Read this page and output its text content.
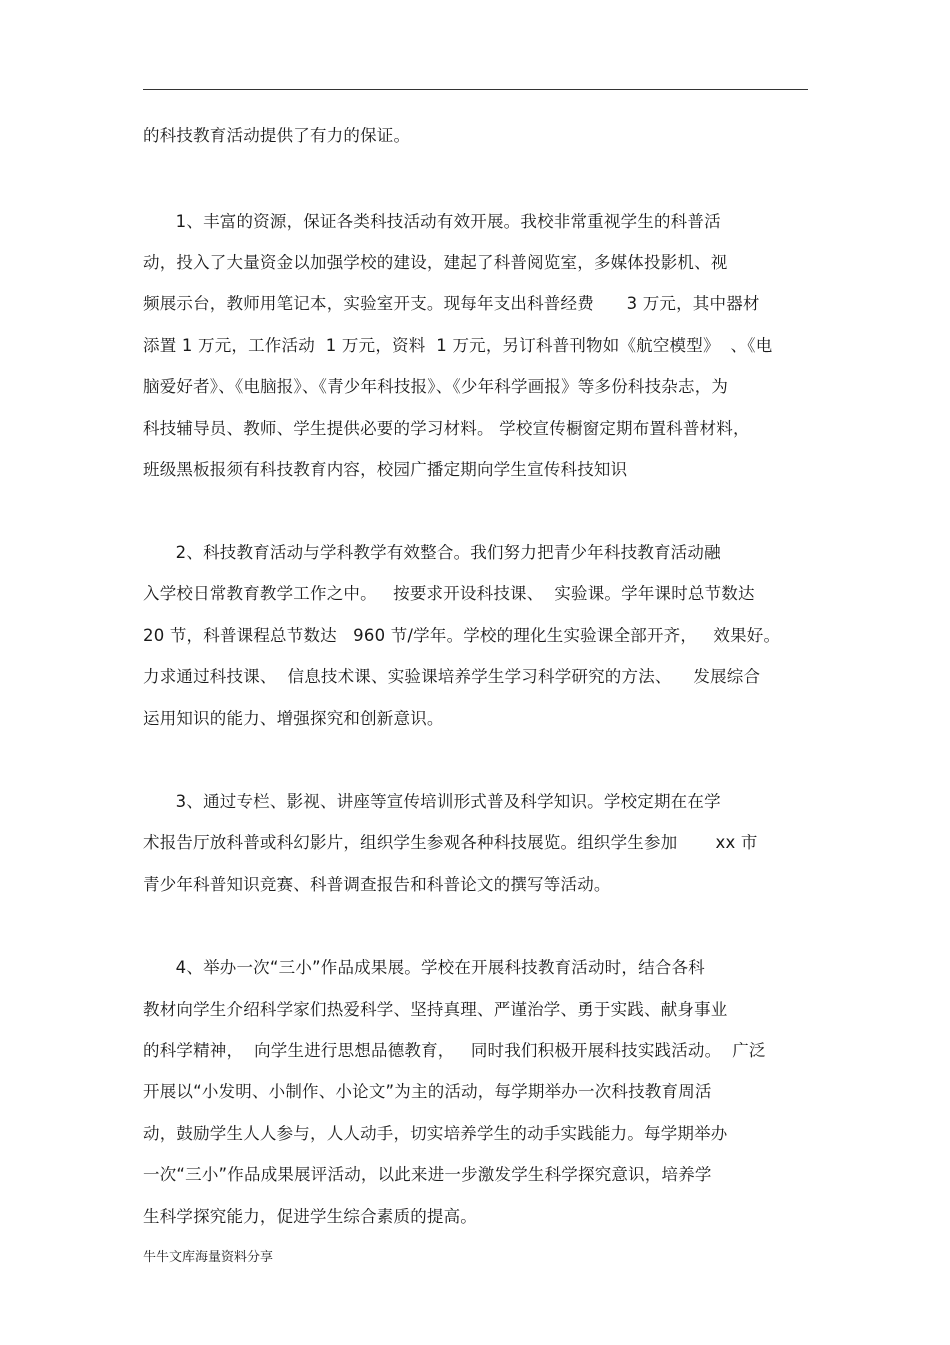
的科技教育活动提供了有力的保证。
1、丰富的资源，保证各类科技活动有效开展。我校非常重视学生的科普活
动，投入了大量资金以加强学校的建设，建起了科普阅览室，多媒体投影机、视
频展示台，教师用笔记本，实验室开支。现每年支出科普经费      3 万元，其中器材
添置 1 万元，工作活动  1 万元，资料  1 万元，另订科普刊物如《航空模型》  、《电
脑爱好者》、《电脑报》、《青少年科技报》、《少年科学画报》等多份科技杂志，为
科技辅导员、教师、学生提供必要的学习材料。 学校宣传橱窗定期布置科普材料，
班级黑板报须有科技教育内容，校园广播定期向学生宣传科技知识
2、科技教育活动与学科教学有效整合。我们努力把青少年科技教育活动融
入学校日常教育教学工作之中。   按要求开设科技课、  实验课。学年课时总节数达
20 节，科普课程总节数达   960 节/学年。学校的理化生实验课全部开齐，   效果好。
力求通过科技课、  信息技术课、实验课培养学生学习科学研究的方法、    发展综合
运用知识的能力、增强探究和创新意识。
3、通过专栏、影视、讲座等宣传培训形式普及科学知识。学校定期在在学
术报告厅放科普或科幻影片，组织学生参观各种科技展览。组织学生参加       xx 市
青少年科普知识竞赛、科普调查报告和科普论文的撰写等活动。
4、举办一次“三小”作品成果展。学校在开展科技教育活动时，结合各科
教材向学生介绍科学家们热爱科学、坚持真理、严谨治学、勇于实践、献身事业
的科学精神，  向学生进行思想品德教育，   同时我们积极开展科技实践活动。  广泛
开展以“小发明、小制作、小论文”为主的活动，每学期举办一次科技教育周活
动，鼓励学生人人参与，人人动手，切实培养学生的动手实践能力。每学期举办
一次“三小”作品成果展评活动，以此来进一步激发学生科学探究意识，培养学
生科学探究能力，促进学生综合素质的提高。
牛牛文库海量资料分享
